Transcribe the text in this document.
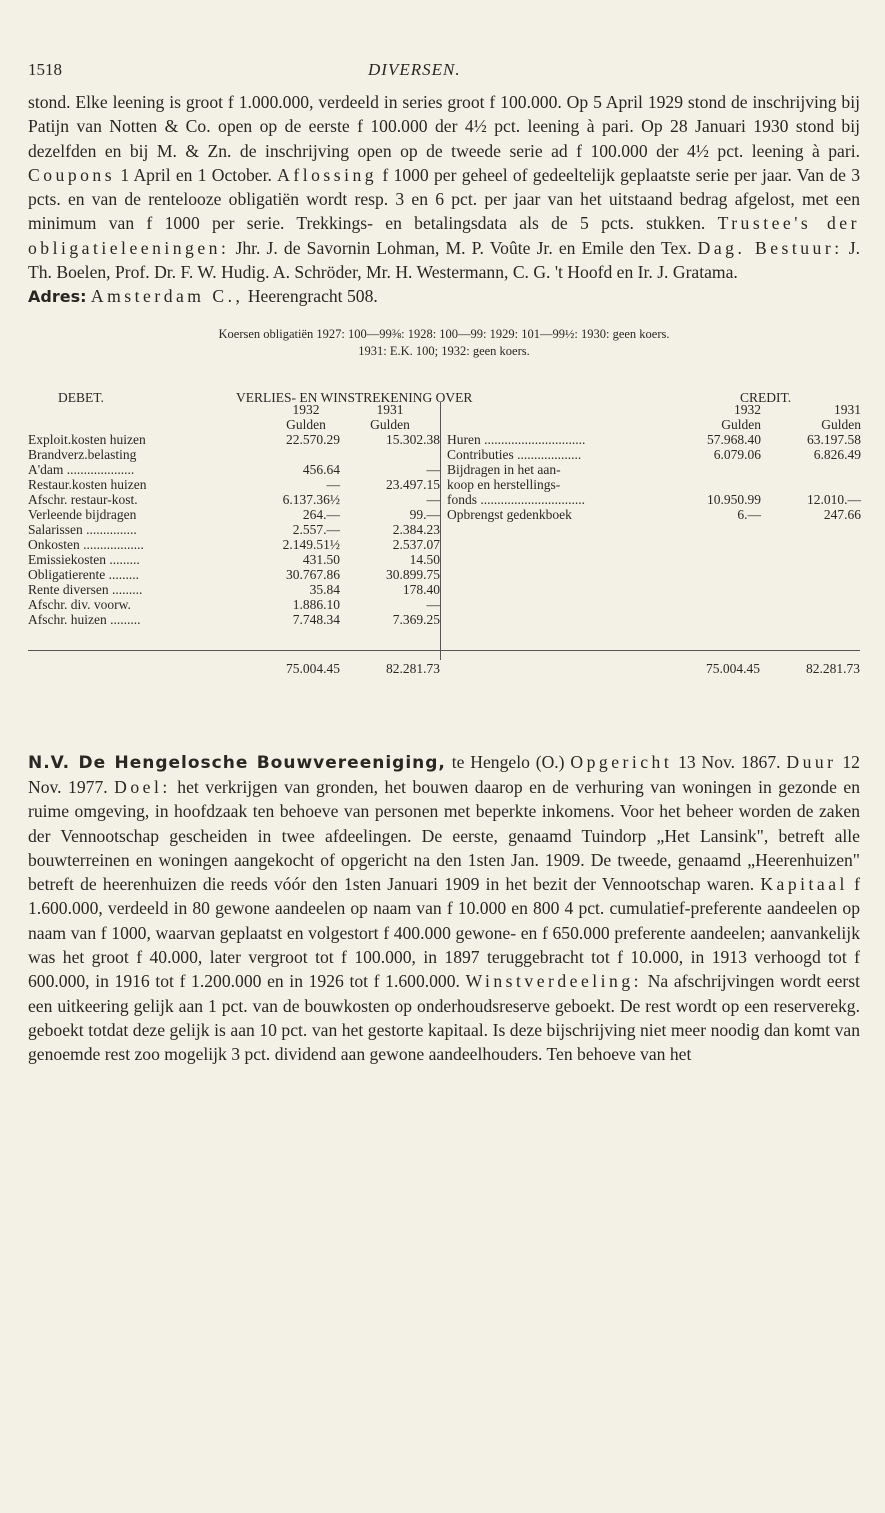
1518	DIVERSEN.

stond. Elke leening is groot f 1.000.000, verdeeld in series groot f 100.000. Op 5 April 1929 stond de inschrijving bij Patijn van Notten & Co. open op de eerste f 100.000 der 4½ pct. leening à pari. Op 28 Januari 1930 stond bij dezelfden en bij M. & Zn. de inschrijving open op de tweede serie ad f 100.000 der 4½ pct. leening à pari. Coupons 1 April en 1 October. Aflossing f 1000 per geheel of gedeeltelijk geplaatste serie per jaar. Van de 3 pcts. en van de rentelooze obligatiën wordt resp. 3 en 6 pct. per jaar van het uitstaand bedrag afgelost, met een minimum van f 1000 per serie. Trekkings- en betalingsdata als de 5 pcts. stukken. Trustee's der obligatieleeningen: Jhr. J. de Savornin Lohman, M. P. Voûte Jr. en Emile den Tex. Dag. Bestuur: J. Th. Boelen, Prof. Dr. F. W. Hudig. A. Schröder, Mr. H. Westermann, C. G. 't Hoofd en Ir. J. Gratama.
Adres: Amsterdam C., Heerengracht 508.

Koersen obligatiën 1927: 100—99⅜: 1928: 100—99: 1929: 101—99½: 1930: geen koers.
1931: E.K. 100; 1932: geen koers.
DEBET.	VERLIES- EN WINSTREKENING OVER	CREDIT.
1932	1931
Gulden	Gulden
Exploit.kosten huizen	22.570.29	15.302.38
Brandverz.belasting
A'dam ....................	456.64	—
Restaur.kosten huizen	—	23.497.15
Afschr. restaur-kost.	6.137.36½	—
Verleende bijdragen	264.—	99.—
Salarissen ...............	2.557.—	2.384.23
Onkosten ..................	2.149.51½	2.537.07
Emissiekosten .........	431.50	14.50
Obligatierente .........	30.767.86	30.899.75
Rente diversen .........	35.84	178.40
Afschr. div. voorw.	1.886.10	—
Afschr. huizen .........	7.748.34	7.369.25
1932	1931
Gulden	Gulden
Huren ..............................	57.968.40	63.197.58
Contributies ...................	6.079.06	6.826.49
Bijdragen in het aan-
koop en herstellings-
fonds ...............................	10.950.99	12.010.—
Opbrengst gedenkboek	6.—	247.66
75.004.45	82.281.73	75.004.45	82.281.73

N.V. De Hengelosche Bouwvereeniging, te Hengelo (O.) Opgericht 13 Nov. 1867. Duur 12 Nov. 1977. Doel: het verkrijgen van gronden, het bouwen daarop en de verhuring van woningen in gezonde en ruime omgeving, in hoofdzaak ten behoeve van personen met beperkte inkomens. Voor het beheer worden de zaken der Vennootschap gescheiden in twee afdeelingen. De eerste, genaamd Tuindorp „Het Lansink", betreft alle bouwterreinen en woningen aangekocht of opgericht na den 1sten Jan. 1909. De tweede, genaamd „Heerenhuizen" betreft de heerenhuizen die reeds vóór den 1sten Januari 1909 in het bezit der Vennootschap waren. Kapitaal f 1.600.000, verdeeld in 80 gewone aandeelen op naam van f 10.000 en 800 4 pct. cumulatief-preferente aandeelen op naam van f 1000, waarvan geplaatst en volgestort f 400.000 gewone- en f 650.000 preferente aandeelen; aanvankelijk was het groot f 40.000, later vergroot tot f 100.000, in 1897 teruggebracht tot f 10.000, in 1913 verhoogd tot f 600.000, in 1916 tot f 1.200.000 en in 1926 tot f 1.600.000. Winstverdeeling: Na afschrijvingen wordt eerst een uitkeering gelijk aan 1 pct. van de bouwkosten op onderhoudsreserve geboekt. De rest wordt op een reserverekg. geboekt totdat deze gelijk is aan 10 pct. van het gestorte kapitaal. Is deze bijschrijving niet meer noodig dan komt van genoemde rest zoo mogelijk 3 pct. dividend aan gewone aandeelhouders. Ten behoeve van het
